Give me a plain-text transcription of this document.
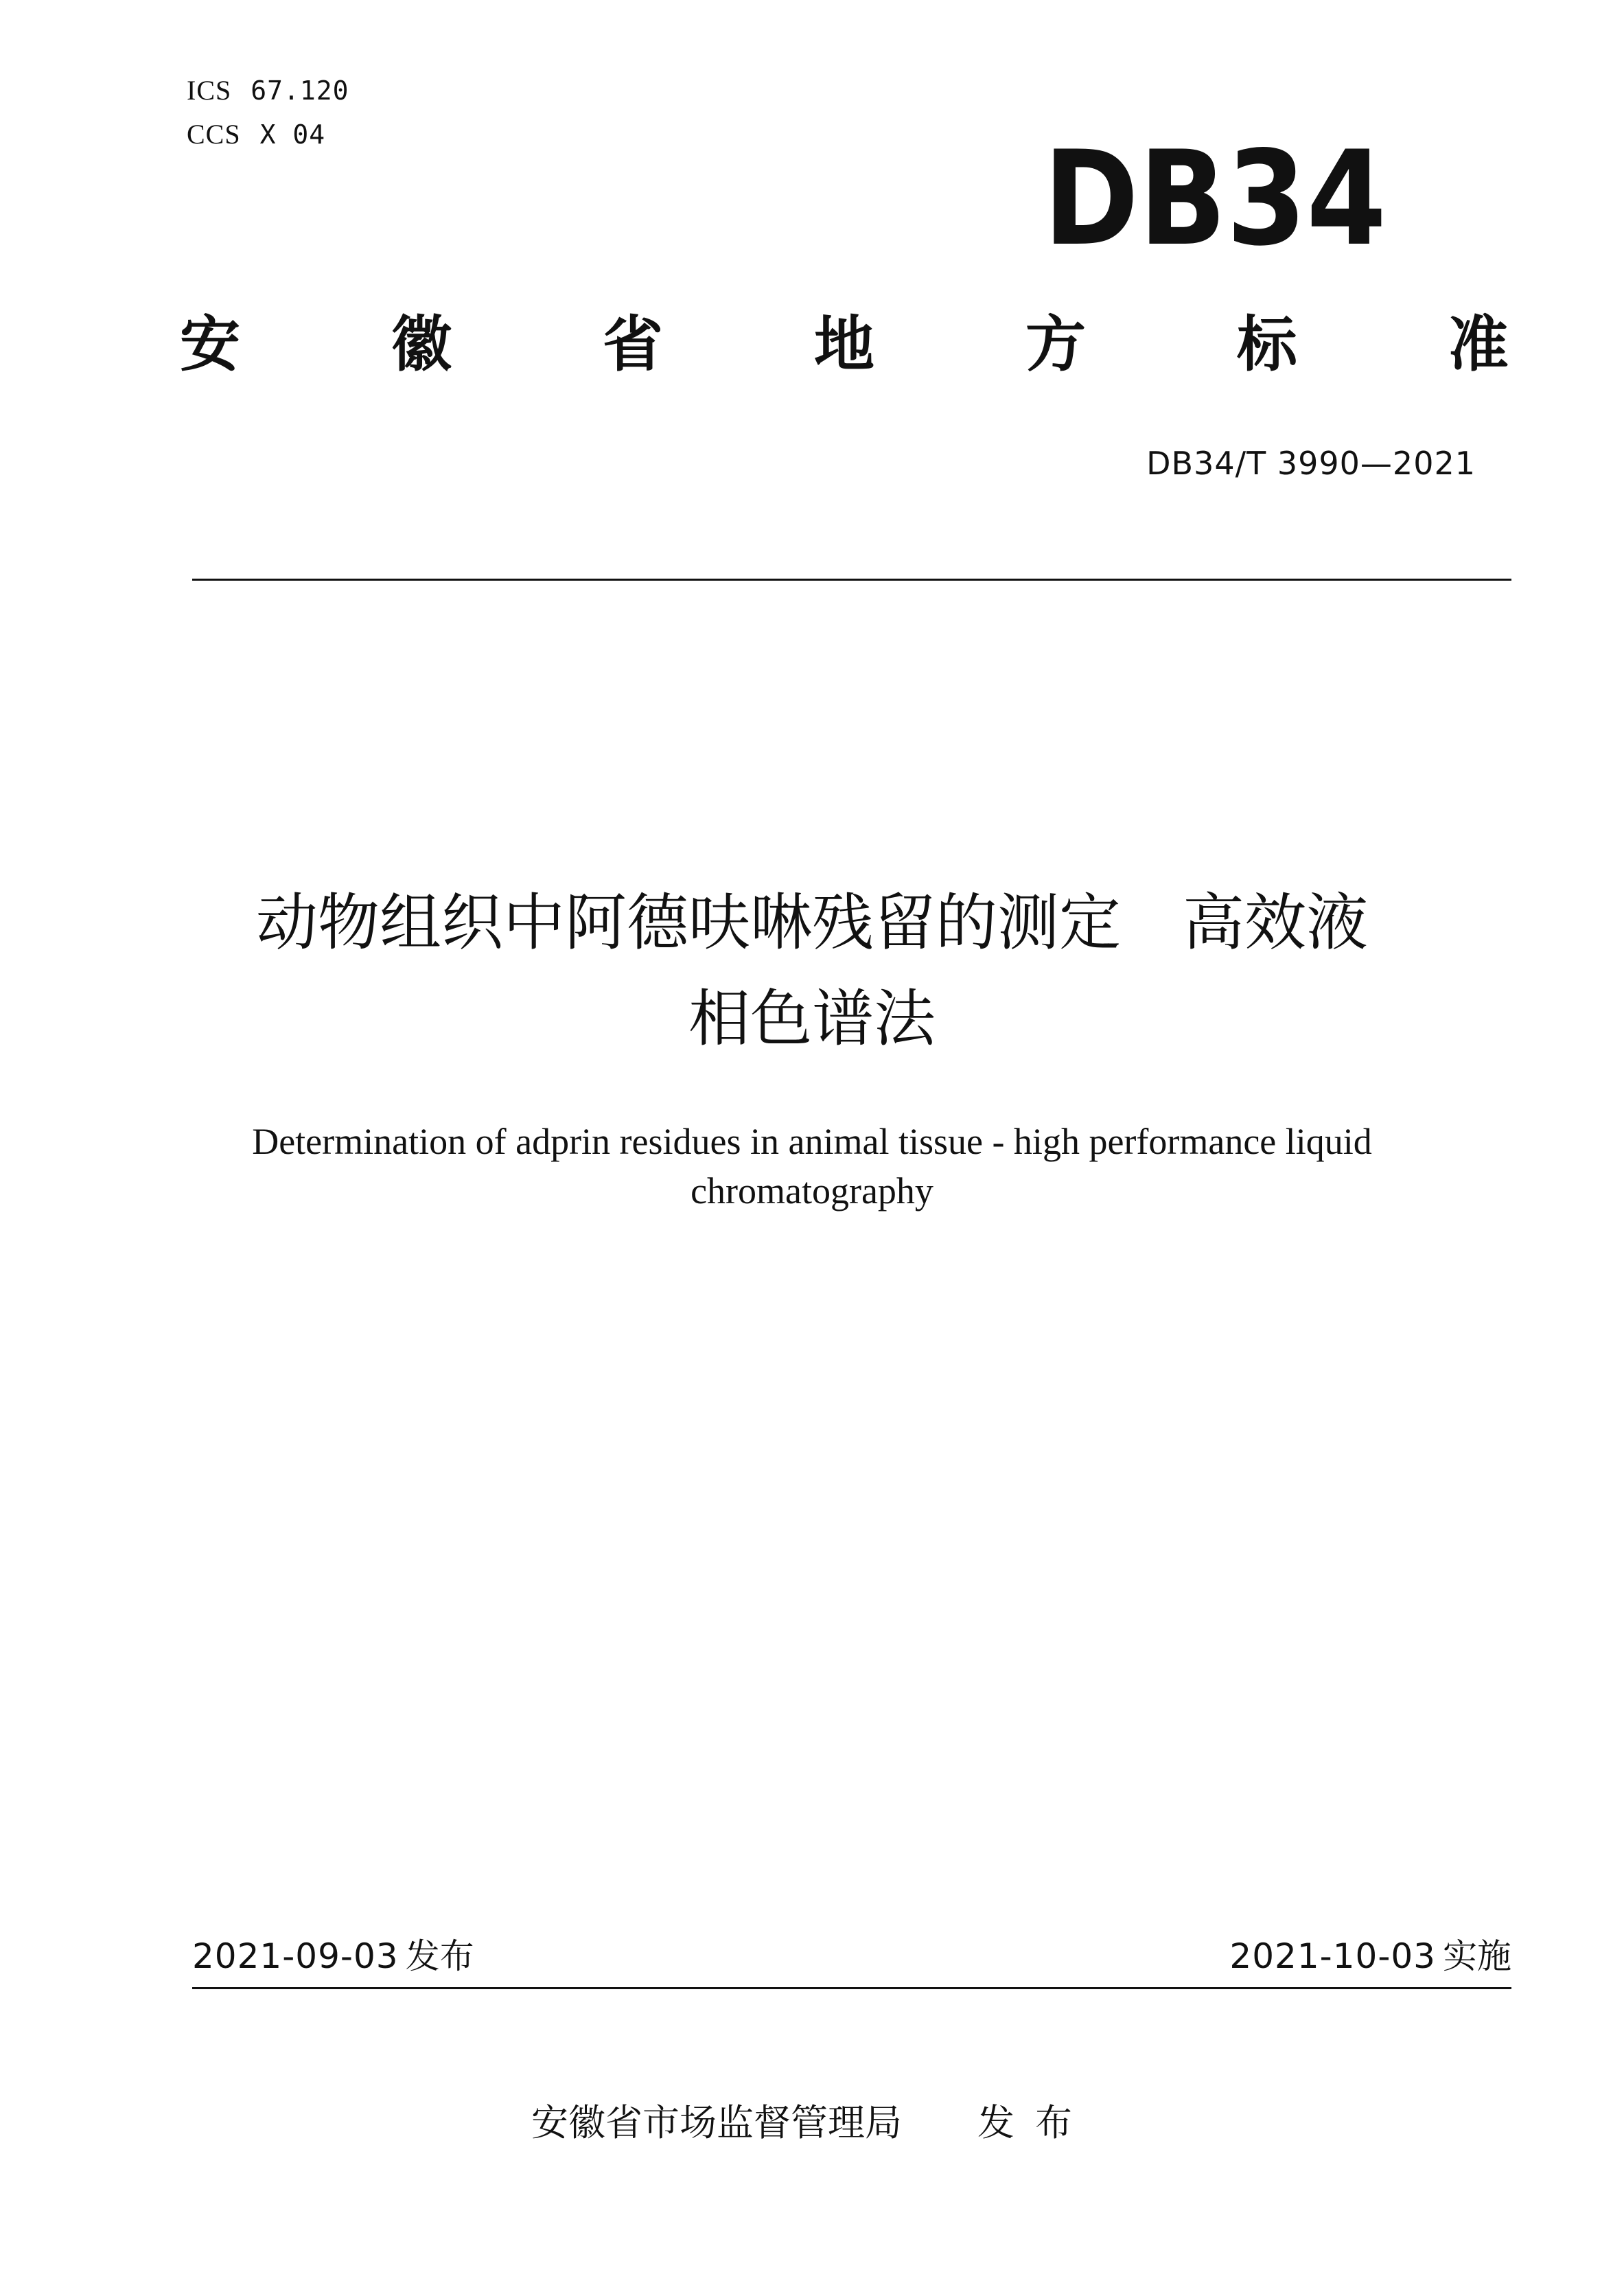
ICS 67.120
CCS X 04	DB34
安 徽 省 地 方 标 准
DB34/T 3990—2021
动物组织中阿德呋啉残留的测定　高效液
相色谱法
Determination of adprin residues in animal tissue - high performance liquid
chromatography
2021-09-03 发布	2021-10-03 实施
安徽省市场监督管理局 发布
